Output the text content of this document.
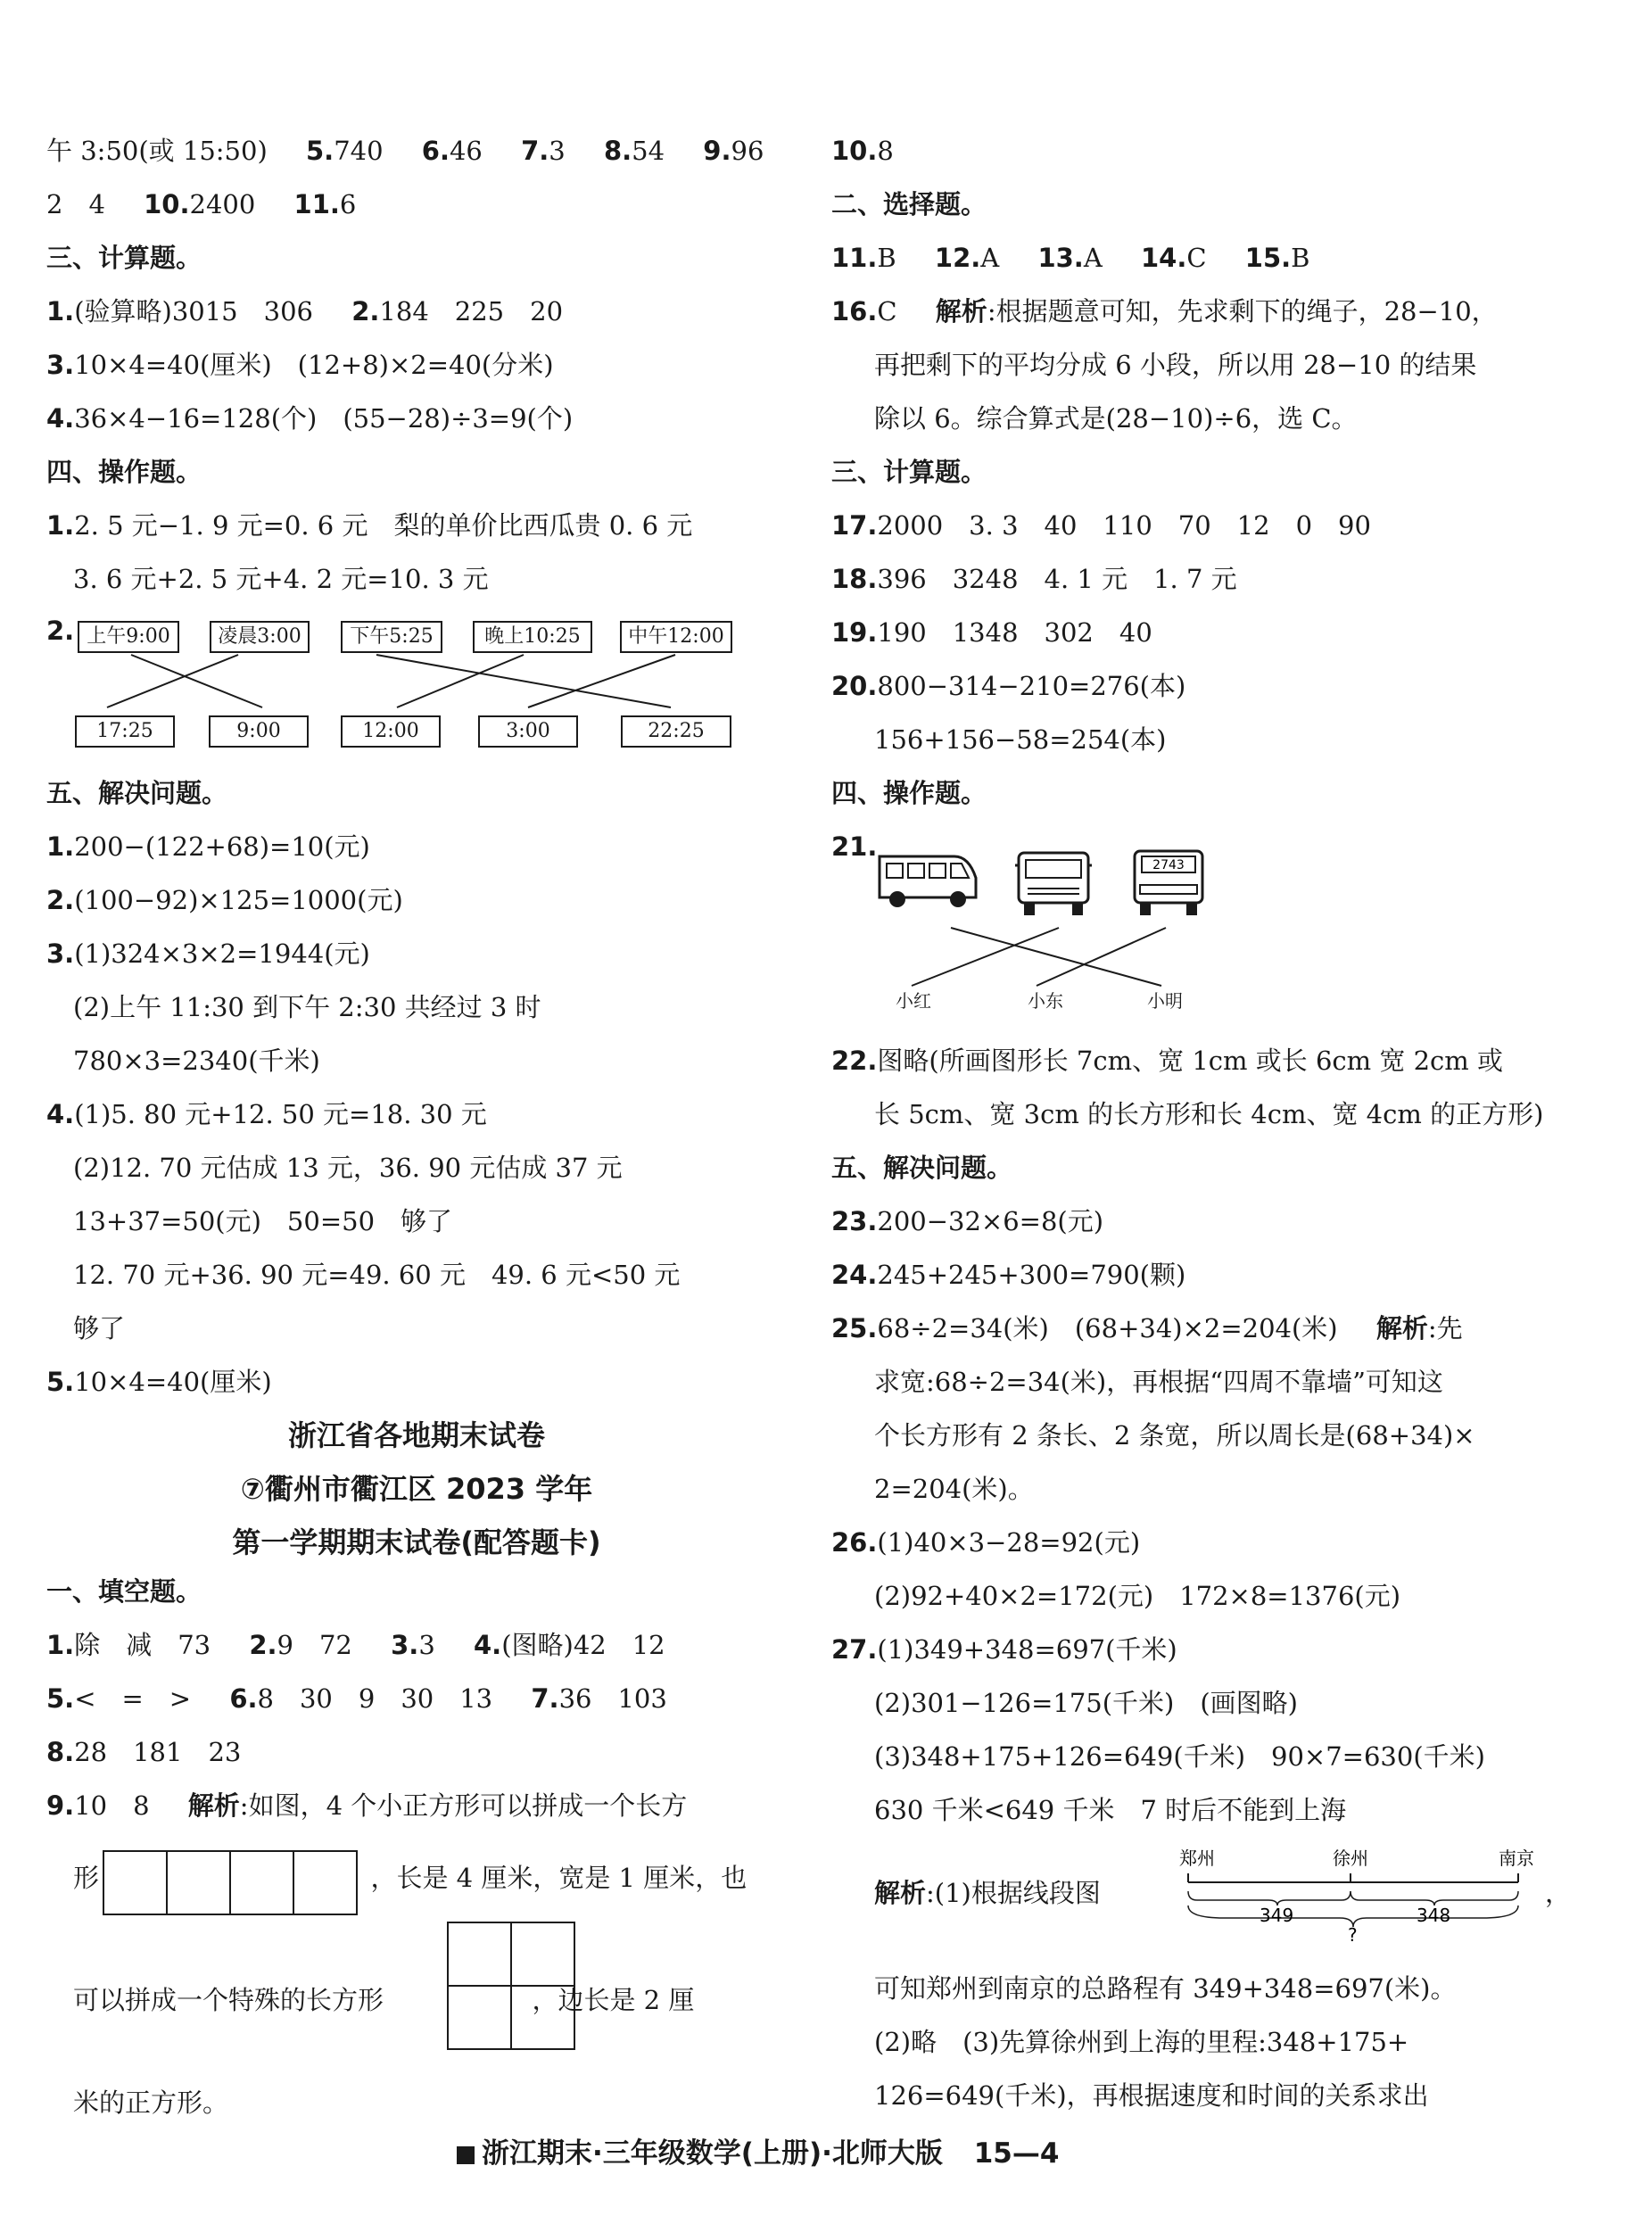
午 3:50(或 15:50) 5.740 6.46 7.3 8.54 9.96
2　4 10.2400 11.6
三、计算题。
1.(验算略)3015　306 2.184　225　20
3.10×4=40(厘米)　(12+8)×2=40(分米)
4.36×4−16=128(个)　(55−28)÷3=9(个)
四、操作题。
1.2. 5 元−1. 9 元=0. 6 元　梨的单价比西瓜贵 0. 6 元
3. 6 元+2. 5 元+4. 2 元=10. 3 元
2. 上午9:00	凌晨3:00	下午5:25	晚上10:25	中午12:00
17:25	9:00	12:00	3:00	22:25
五、解决问题。
1.200−(122+68)=10(元)
2.(100−92)×125=1000(元)
3.(1)324×3×2=1944(元)
(2)上午 11:30 到下午 2:30 共经过 3 时
780×3=2340(千米)
4.(1)5. 80 元+12. 50 元=18. 30 元
(2)12. 70 元估成 13 元，36. 90 元估成 37 元
13+37=50(元)　50=50　够了
12. 70 元+36. 90 元=49. 60 元　49. 6 元<50 元
够了
5.10×4=40(厘米)
浙江省各地期末试卷
⑦衢州市衢江区 2023 学年
第一学期期末试卷(配答题卡)
一、填空题。
1.除　减　73 2.9　72 3.3 4.(图略)42　12
5.<　=　> 6.8　30　9　30　13 7.36　103
8.28　181　23
9.10　8 解析:如图，4 个小正方形可以拼成一个长方
形	，长是 4 厘米，宽是 1 厘米，也
可以拼成一个特殊的长方形	，边长是 2 厘
米的正方形。
10.8
二、选择题。
11.B 12.A 13.A 14.C 15.B
16.C 解析:根据题意可知，先求剩下的绳子，28−10，
再把剩下的平均分成 6 小段，所以用 28−10 的结果
除以 6。综合算式是(28−10)÷6，选 C。
三、计算题。
17.2000　3. 3　40　110　70　12　0　90
18.396　3248　4. 1 元　1. 7 元
19.190　1348　302　40
20.800−314−210=276(本)
156+156−58=254(本)
四、操作题。
21.
2743
小红	小东	小明
22.图略(所画图形长 7cm、宽 1cm 或长 6cm 宽 2cm 或
长 5cm、宽 3cm 的长方形和长 4cm、宽 4cm 的正方形)
五、解决问题。
23.200−32×6=8(元)
24.245+245+300=790(颗)
25.68÷2=34(米)　(68+34)×2=204(米) 解析:先
求宽:68÷2=34(米)，再根据“四周不靠墙”可知这
个长方形有 2 条长、2 条宽，所以周长是(68+34)×
2=204(米)。
26.(1)40×3−28=92(元)
(2)92+40×2=172(元)　172×8=1376(元)
27.(1)349+348=697(千米)
(2)301−126=175(千米)　(画图略)
(3)348+175+126=649(千米)　90×7=630(千米)
630 千米<649 千米　7 时后不能到上海
解析:(1)根据线段图
郑州	徐州	南京
349	348
?
，
可知郑州到南京的总路程有 349+348=697(米)。
(2)略　(3)先算徐州到上海的里程:348+175+
126=649(千米)，再根据速度和时间的关系求出
浙江期末·三年级数学(上册)·北师大版 15—4
